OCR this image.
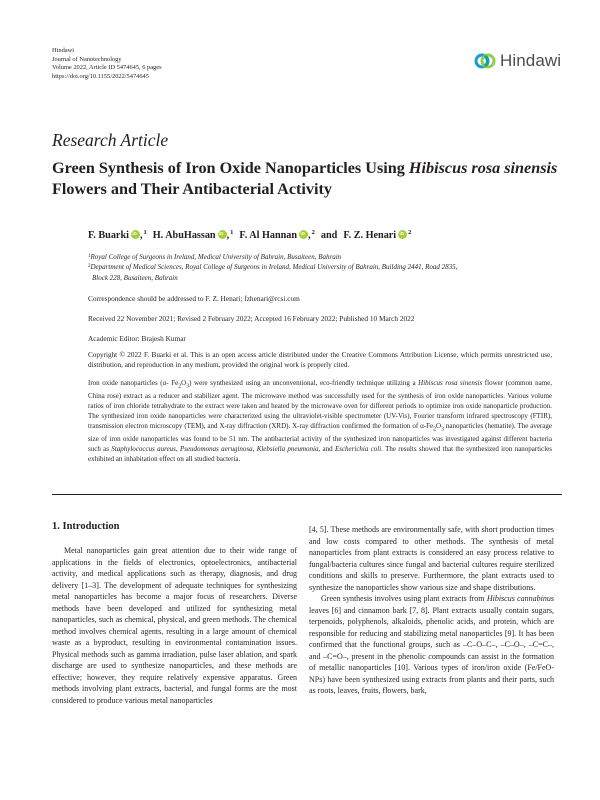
Hindawi
Journal of Nanotechnology
Volume 2022, Article ID 5474645, 6 pages
https://doi.org/10.1155/2022/5474645
Hindawi
Research Article
Green Synthesis of Iron Oxide Nanoparticles Using Hibiscus rosa sinensis Flowers and Their Antibacterial Activity
F. Buarki iD , 1 H. AbuHassan iD , 1 F. Al Hannan iD , 2 and F. Z. Henari iD 2
$^1$Royal College of Surgeons in Ireland, Medical University of Bahrain, Busaiteen, Bahrain
$^2$Department of Medical Sciences, Royal College of Surgeons in Ireland, Medical University of Bahrain, Building 2441, Road 2835,
Block 228, Busaiteen, Bahrain
Correspondence should be addressed to F. Z. Henari; fzhenari@rcsi.com
Received 22 November 2021; Revised 2 February 2022; Accepted 16 February 2022; Published 10 March 2022
Academic Editor: Brajesh Kumar

Copyright © 2022 F. Buarki et al. This is an open access article distributed under the Creative Commons Attribution License, which permits unrestricted use, distribution, and reproduction in any medium, provided the original work is properly cited.

Iron oxide nanoparticles (α- $Fe_2O_3$) were synthesized using an unconventional, eco-friendly technique utilizing a Hibiscus rosa sinensis flower (common name, China rose) extract as a reducer and stabilizer agent. The microwave method was successfully used for the synthesis of iron oxide nanoparticles. Various volume ratios of iron chloride tetrahydrate to the extract were taken and heated by the microwave oven for different periods to optimize iron oxide nanoparticle production. The synthesized iron oxide nanoparticles were characterized using the ultraviolet-visible spectrometer (UV-Vis), Fourier transform infrared spectroscopy (FTIR), transmission electron microscopy (TEM), and X-ray diffraction (XRD). X-ray diffraction confirmed the formation of $\alpha-Fe_2O_3$ nanoparticles (hematite). The average size of iron oxide nanoparticles was found to be 51 nm. The antibacterial activity of the synthesized iron nanoparticles was investigated against different bacteria such as Staphylococcus aureus, Pseudomonas aeruginosa, Klebsiella pneumonia, and Escherichia coli. The results showed that the synthesized iron nanoparticles exhibited an inhabitation effect on all studied bacteria.

1. Introduction

Metal nanoparticles gain great attention due to their wide range of applications in the fields of electronics, optoelectronics, antibacterial activity, and medical applications such as therapy, diagnosis, and drug delivery [1–3]. The development of adequate techniques for synthesizing metal nanoparticles has become a major focus of researchers. Diverse methods have been developed and utilized for synthesizing metal nanoparticles, such as chemical, physical, and green methods. The chemical method involves chemical agents, resulting in a large amount of chemical waste as a byproduct, resulting in environmental contamination issues. Physical methods such as gamma irradiation, pulse laser ablation, and spark discharge are used to synthesize nanoparticles, and these methods are effective; however, they require relatively expensive apparatus. Green methods involving plant extracts, bacterial, and fungal forms are the most considered to produce various metal nanoparticles

[4, 5]. These methods are environmentally safe, with short production times and low costs compared to other methods. The synthesis of metal nanoparticles from plant extracts is considered an easy process relative to fungal/bacteria cultures since fungal and bacterial cultures require sterilized conditions and skills to preserve. Furthermore, the plant extracts used to synthesize the nanoparticles show various size and shape distributions.

Green synthesis involves using plant extracts from Hibiscus cannabinus leaves [6] and cinnamon bark [7, 8]. Plant extracts usually contain sugars, terpenoids, polyphenols, alkaloids, phenolic acids, and protein, which are responsible for reducing and stabilizing metal nanoparticles [9]. It has been confirmed that the functional groups, such as –C–O–C–, –C–O–, –C=C–, and –C=O–, present in the phenolic compounds can assist in the formation of metallic nanoparticles [10]. Various types of iron/iron oxide (Fe/FeO-NPs) have been synthesized using extracts from plants and their parts, such as roots, leaves, fruits, flowers, bark,
